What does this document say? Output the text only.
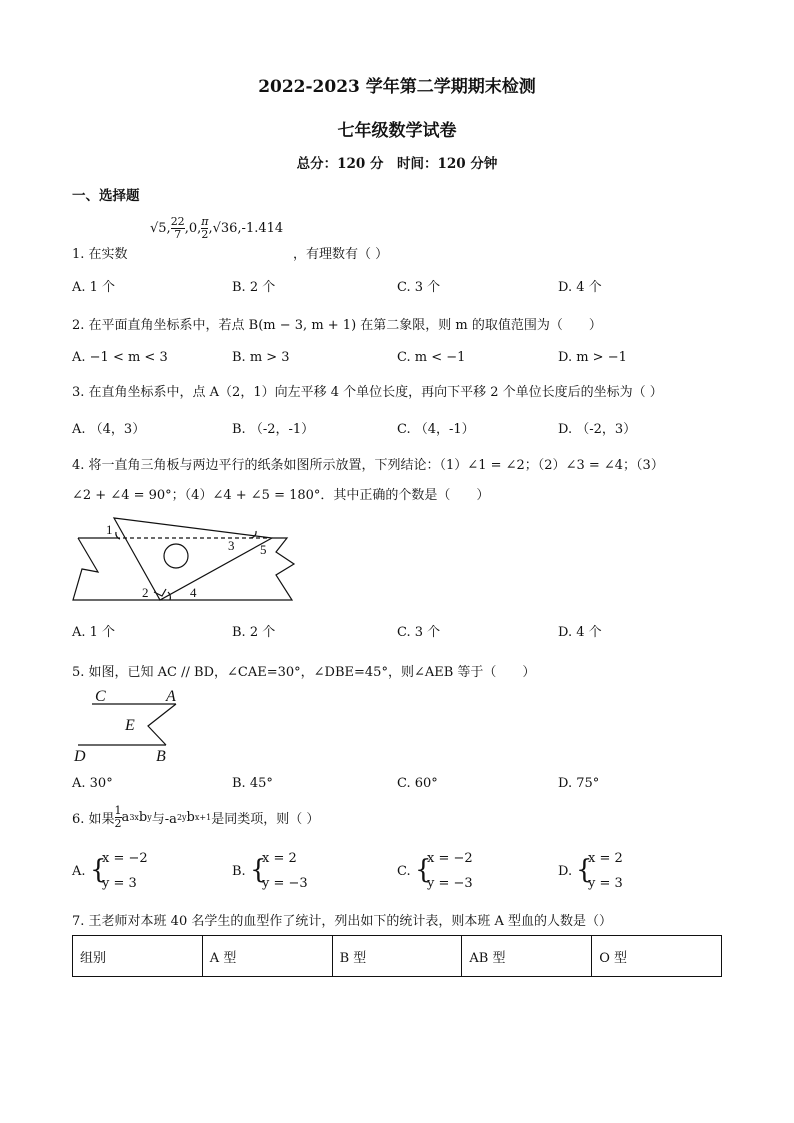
2022-2023 学年第二学期期末检测
七年级数学试卷
总分：120 分　时间：120 分钟
一、选择题
1. 在实数
√5, $\frac{22}{7} ,0$, $\frac{\pi}{2} ,√36,-1.414$
，有理数有（ ）
A. 1 个	B. 2 个	C. 3 个	D. 4 个
2. 在平面直角坐标系中，若点 B(m − 3, m + 1) 在第二象限，则 m 的取值范围为（　　）
A. −1 < m < 3	B. m > 3	C. m < −1	D. m > −1
3. 在直角坐标系中，点 A（2，1）向左平移 4 个单位长度，再向下平移 2 个单位长度后的坐标为（ ）
A. （4，3）	B. （-2，-1）	C. （4，-1）	D. （-2，3）
4. 将一直角三角板与两边平行的纸条如图所示放置，下列结论：（1）∠1 = ∠2；（2）∠3 = ∠4；（3）
∠2 + ∠4 = 90°；（4）∠4 + ∠5 = 180°．其中正确的个数是（　　）
1
2
3
4
5
A. 1 个	B. 2 个	C. 3 个	D. 4 个
5. 如图，已知 AC // BD，∠CAE=30°，∠DBE=45°，则∠AEB 等于（　　）
C	A
E
D	B
A. 30°	B. 45°	C. 60°	D. 75°
6. 如果 $\frac{1}{2}$ a 3x b y 与-a 2y b x+1 是同类项，则（ ）
A. {
x = −2
y = 3
B. {
x = 2
y = −3
C. {
x = −2
y = −3
D. {
x = 2
y = 3
7. 王老师对本班 40 名学生的血型作了统计，列出如下的统计表，则本班 A 型血的人数是（）
组别	A 型	B 型	AB 型	O 型
